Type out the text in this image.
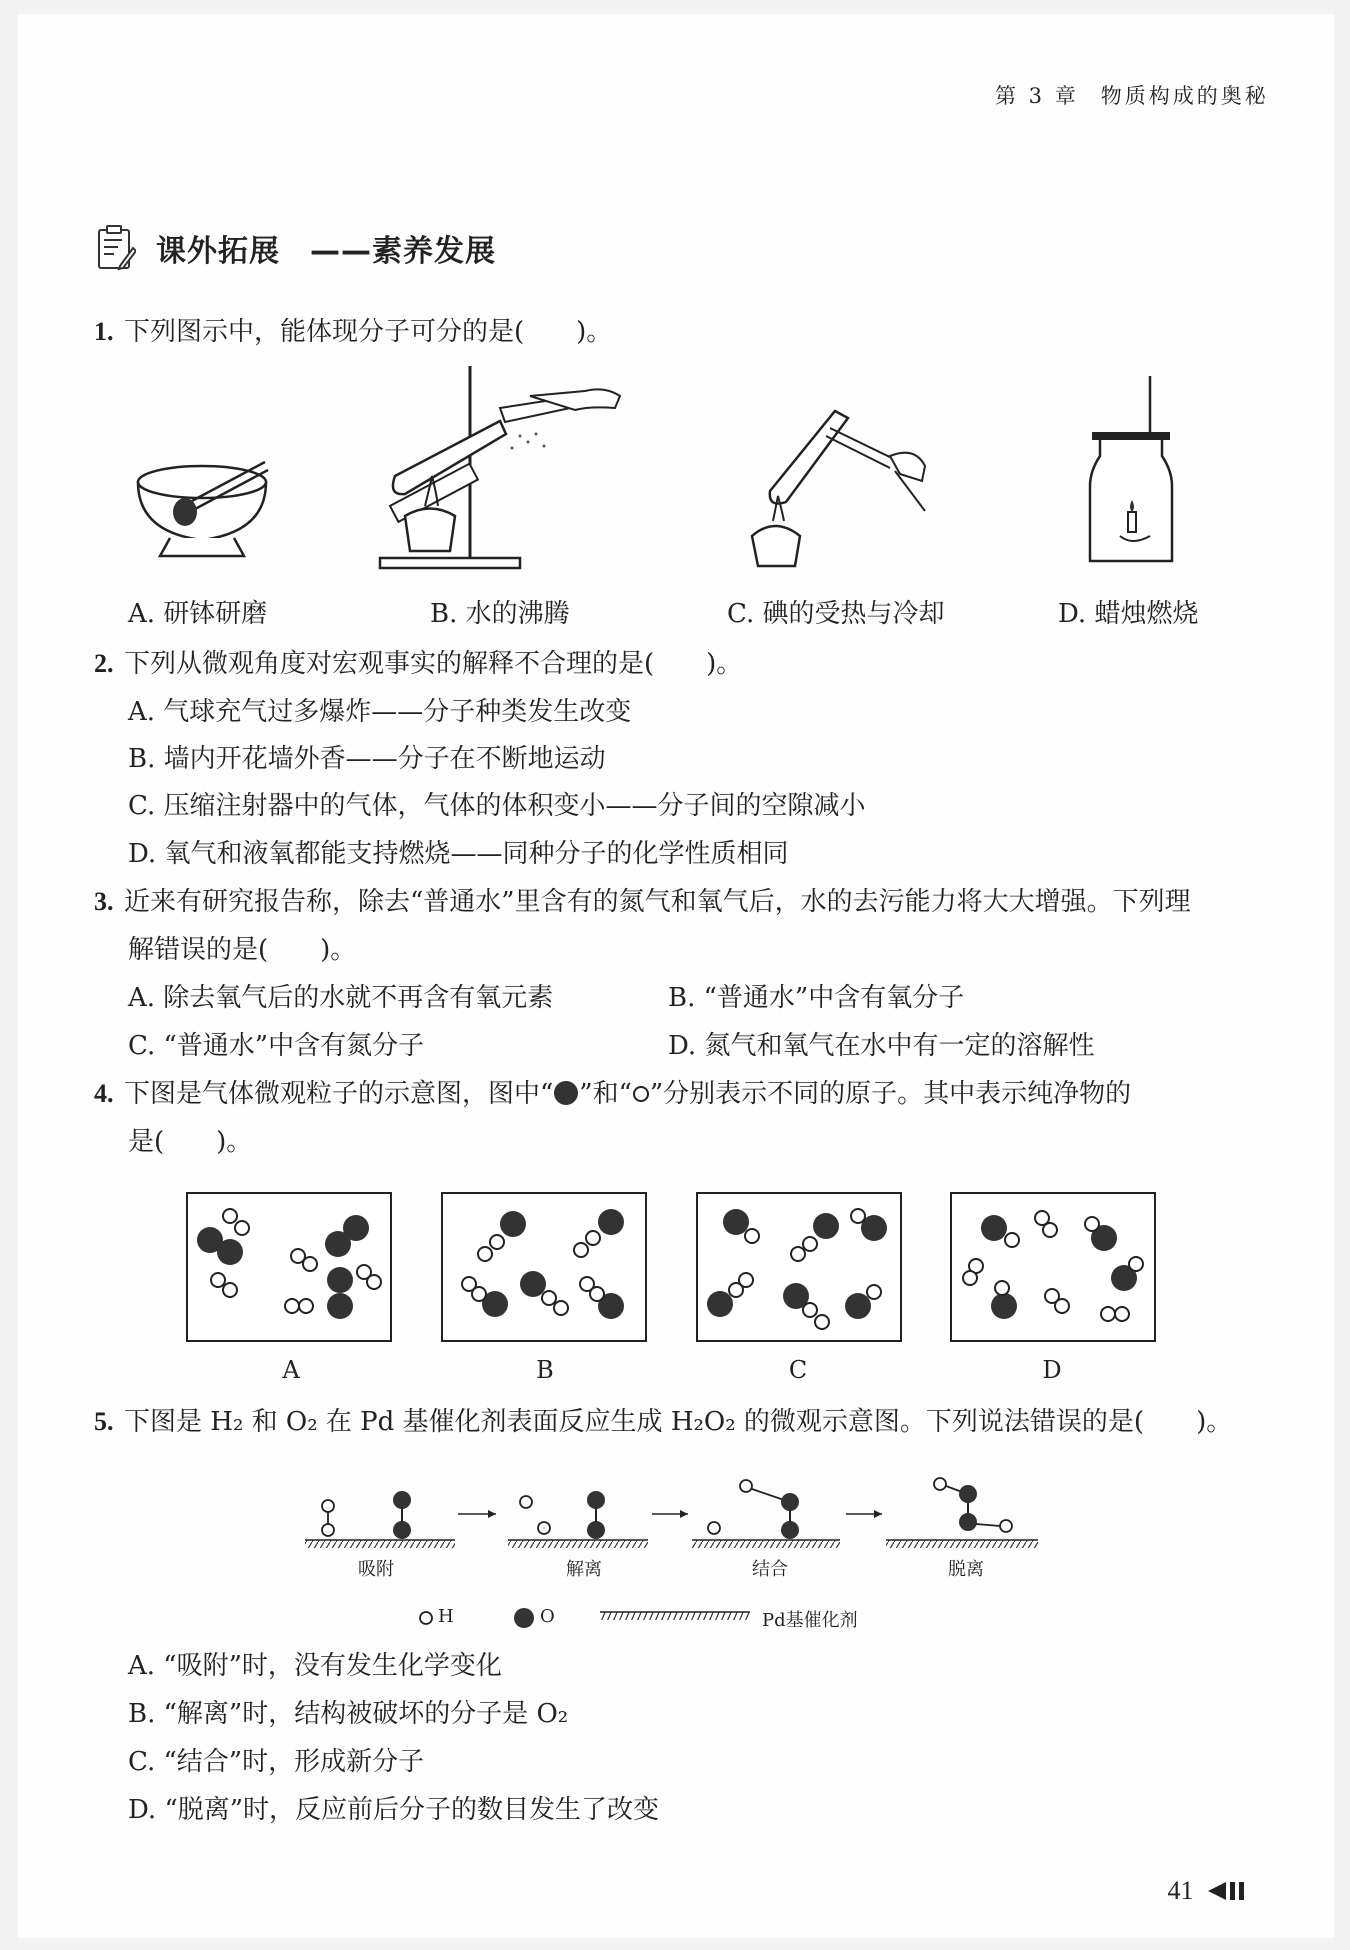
第 3 章 物质构成的奥秘
课外拓展 ——素养发展
1. 下列图示中，能体现分子可分的是(　　)。
A. 研钵研磨	B. 水的沸腾	C. 碘的受热与冷却	D. 蜡烛燃烧
2. 下列从微观角度对宏观事实的解释不合理的是(　　)。
A. 气球充气过多爆炸——分子种类发生改变
B. 墙内开花墙外香——分子在不断地运动
C. 压缩注射器中的气体，气体的体积变小——分子间的空隙减小
D. 氧气和液氧都能支持燃烧——同种分子的化学性质相同
3. 近来有研究报告称，除去“普通水”里含有的氮气和氧气后，水的去污能力将大大增强。下列理
解错误的是(　　)。
A. 除去氧气后的水就不再含有氧元素	B. “普通水”中含有氧分子
C. “普通水”中含有氮分子	D. 氮气和氧气在水中有一定的溶解性
4. 下图是气体微观粒子的示意图，图中“ ”和“ ”分别表示不同的原子。其中表示纯净物的
是(　　)。
A	B	C	D
5. 下图是 H₂ 和 O₂ 在 Pd 基催化剂表面反应生成 H₂O₂ 的微观示意图。下列说法错误的是(　　)。
吸附	解离	结合	脱离
H	O	Pd基催化剂
A. “吸附”时，没有发生化学变化
B. “解离”时，结构被破坏的分子是 O₂
C. “结合”时，形成新分子
D. “脱离”时，反应前后分子的数目发生了改变
41
